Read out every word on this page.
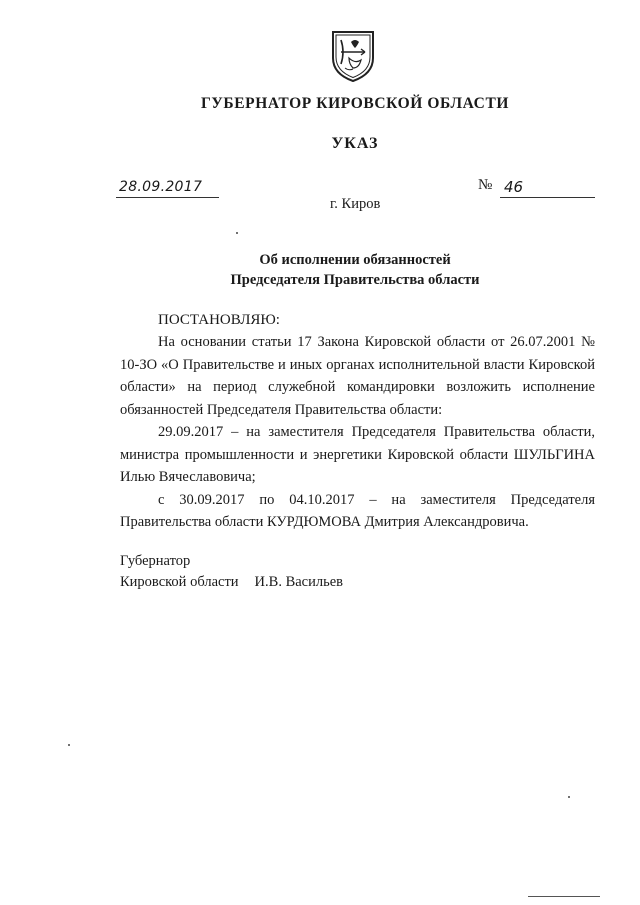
ГУБЕРНАТОР КИРОВСКОЙ ОБЛАСТИ
УКАЗ
28.09.2017	№ 46
г. Киров
Об исполнении обязанностей
Председателя Правительства области
ПОСТАНОВЛЯЮ:

На основании статьи 17 Закона Кировской области от 26.07.2001 № 10-ЗО «О Правительстве и иных органах исполнительной власти Кировской области» на период служебной командировки возложить исполнение обязанностей Председателя Правительства области:

29.09.2017 – на заместителя Председателя Правительства области, министра промышленности и энергетики Кировской области ШУЛЬГИНА Илью Вячеславовича;

с 30.09.2017 по 04.10.2017 – на заместителя Председателя Правительства области КУРДЮМОВА Дмитрия Александровича.

Губернатор
Кировской области И.В. Васильев
